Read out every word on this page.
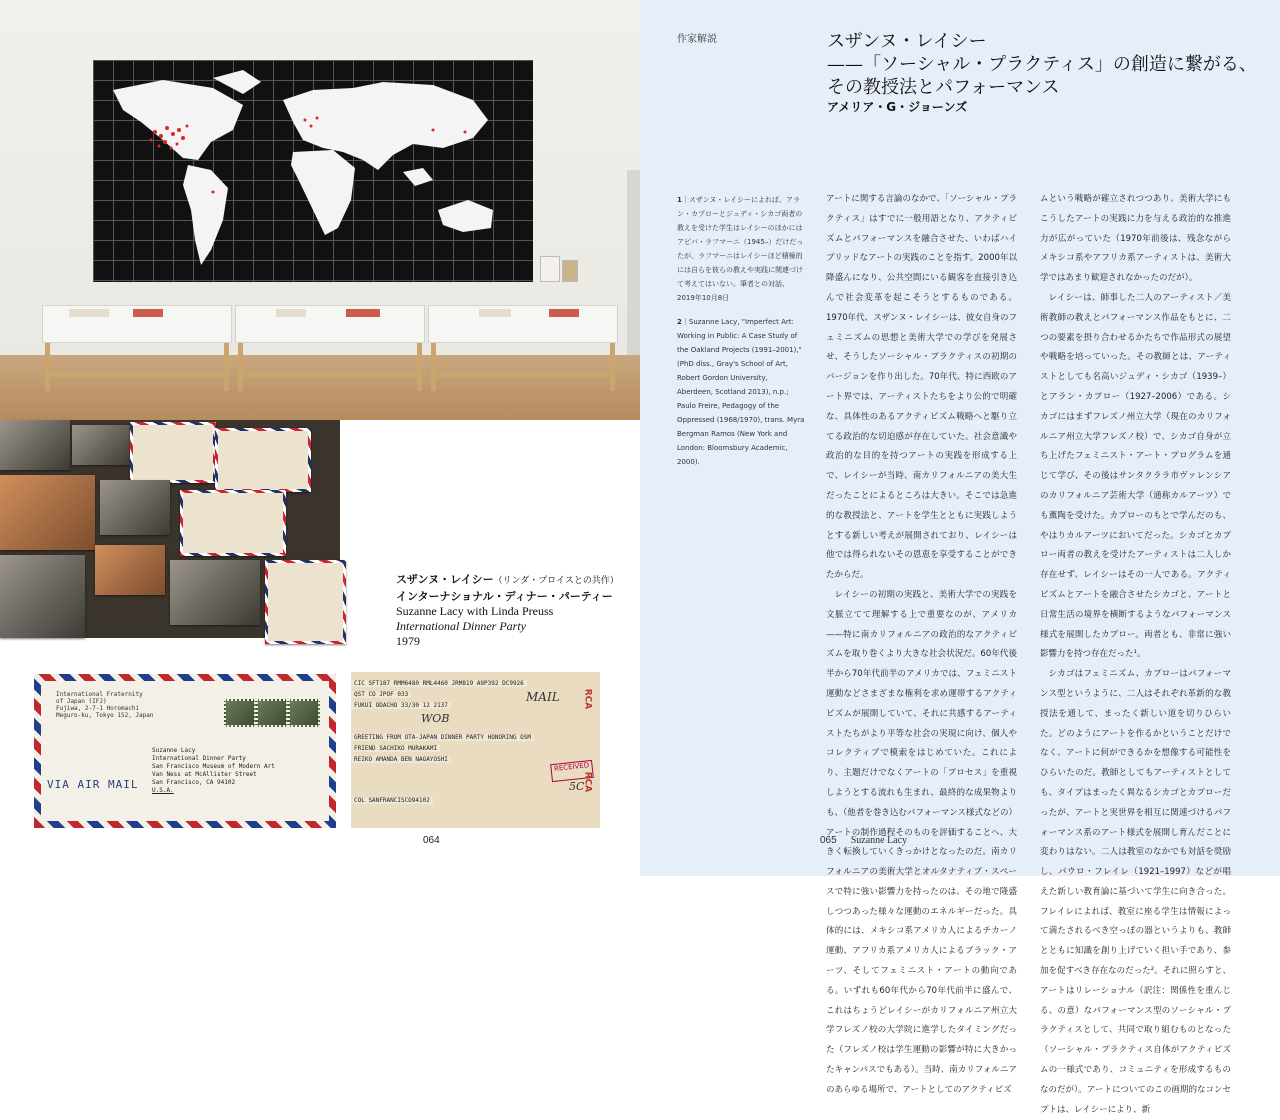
スザンヌ・レイシー（リンダ・プロイスとの共作）
インターナショナル・ディナー・パーティー
Suzanne Lacy with Linda Preuss
International Dinner Party
1979
International Fraternity
of Japan (IFJ)
Fujiwa, 2-7-1 Horomachi
Meguro-ku, Tokyo 152, Japan
Suzanne Lacy
International Dinner Party
San Francisco Museum of Modern Art
Van Ness at McAllister Street
San Francisco, CA 94102
U.S.A.
VIA AIR MAIL
CIC SFT187 RMM6480 RML4460 JRM819 A9P392 DC9926
QST CO JPOF 033
FUKUI ODACHO 33/30 12 2137
GREETING FROM OTA-JAPAN DINNER PARTY HONORING OSM
FRIEND SACHIKO MURAKAMI
REIKO AMANDA BEN NAGAYOSHI
COL SANFRANCISCO94102
MAIL
WOB
5C
RECEIVED
RCA
RCA
064
作家解説	スザンヌ・レイシー
——「ソーシャル・プラクティス」の創造に繋がる、
その教授法とパフォーマンス
アメリア・G・ジョーンズ
1｜スザンヌ・レイシーによれば、アラン・カプローとジュディ・シカゴ両者の教えを受けた学生はレイシーのほかにはアビバ・ラフマーニ（1945–）だけだったが、ラフマーニはレイシーほど積極的には自らを彼らの教えや実践に関連づけて考えてはいない。筆者との対話、2019年10月8日
2｜Suzanne Lacy, "Imperfect Art: Working in Public: A Case Study of the Oakland Projects (1991–2001)," (PhD diss., Gray's School of Art, Robert Gordon University, Aberdeen, Scotland 2013), n.p.; Paulo Freire, Pedagogy of the Oppressed (1968/1970), trans. Myra Bergman Ramos (New York and London: Bloomsbury Academic, 2000).

アートに関する言論のなかで、「ソーシャル・プラクティス」はすでに一般用語となり、アクティビズムとパフォーマンスを融合させた、いわばハイブリッドなアートの実践のことを指す。2000年以降盛んになり、公共空間にいる観客を直接引き込んで社会変革を起こそうとするものである。1970年代、スザンヌ・レイシーは、彼女自身のフェミニズムの思想と美術大学での学びを発展させ、そうしたソーシャル・プラクティスの初期のバージョンを作り出した。70年代、特に西欧のアート界では、アーティストたちをより公的で明確な、具体性のあるアクティビズム戦略へと駆り立てる政治的な切迫感が存在していた。社会意識や政治的な目的を持つアートの実践を形成する上で、レイシーが当時、南カリフォルニアの美大生だったことによるところは大きい。そこでは急進的な教授法と、アートを学生とともに実践しようとする新しい考えが展開されており、レイシーは他では得られないその恩恵を享受することができたからだ。

レイシーの初期の実践と、美術大学での実践を文脈立てて理解する上で重要なのが、アメリカ——特に南カリフォルニアの政治的なアクティビズムを取り巻くより大きな社会状況だ。60年代後半から70年代前半のアメリカでは、フェミニスト運動などさまざまな権利を求め運帯するアクティビズムが展開していて、それに共感するアーティストたちがより平等な社会の実現に向け、個人やコレクティブで模索をはじめていた。これにより、主題だけでなくアートの「プロセス」を重視しようとする流れも生まれ、最終的な成果物よりも、（他者を巻き込むパフォーマンス様式などの）アートの制作過程そのものを評価することへ、大きく転換していくきっかけとなったのだ。南カリフォルニアの美術大学とオルタナティブ・スペースで特に強い影響力を持ったのは、その地で隆盛しつつあった様々な運動のエネルギーだった。具体的には、メキシコ系アメリカ人によるチカーノ運動、アフリカ系アメリカ人によるブラック・アーツ、そしてフェミニスト・アートの動向である。いずれも60年代から70年代前半に盛んで、これはちょうどレイシーがカリフォルニア州立大学フレズノ校の大学院に進学したタイミングだった（フレズノ校は学生運動の影響が特に大きかったキャンパスでもある）。当時、南カリフォルニアのあらゆる場所で、アートとしてのアクティビズ

ムという戦略が確立されつつあり、美術大学にもこうしたアートの実践に力を与える政治的な推進力が広がっていた（1970年前後は、残念ながらメキシコ系やアフリカ系アーティストは、美術大学ではあまり歓迎されなかったのだが）。

レイシーは、師事した二人のアーティスト／美術教師の教えとパフォーマンス作品をもとに、二つの要素を摂り合わせるかたちで作品形式の展望や戦略を培っていった。その教師とは、アーティストとしても名高いジュディ・シカゴ（1939–）とアラン・カプロー（1927–2006）である。シカゴにはまずフレズノ州立大学（現在のカリフォルニア州立大学フレズノ校）で、シカゴ自身が立ち上げたフェミニスト・アート・プログラムを通じて学び、その後はサンタクララ市ヴァレンシアのカリフォルニア芸術大学（通称カルアーツ）でも薫陶を受けた。カプローのもとで学んだのも、やはりカルアーツにおいてだった。シカゴとカプロー両者の教えを受けたアーティストは二人しか存在せず、レイシーはその一人である。アクティビズムとアートを融合させたシカゴと、アートと日常生活の境界を横断するようなパフォーマンス様式を展開したカプロー。両者とも、非常に強い影響力を持つ存在だった¹。

シカゴはフェミニズム、カプローはパフォーマンス型というように、二人はそれぞれ革新的な教授法を通して、まったく新しい道を切りひらいた。どのようにアートを作るかということだけでなく、アートに何ができるかを想像する可能性をひらいたのだ。教師としてもアーティストとしても、タイプはまったく異なるシカゴとカプローだったが、アートと実世界を相互に関連づけるパフォーマンス系のアート様式を展開し育んだことに変わりはない。二人は教室のなかでも対話を奨励し、パウロ・フレイレ（1921–1997）などが唱えた新しい教育論に基づいて学生に向き合った。フレイレによれば、教室に座る学生は情報によって満たされるべき空っぽの器というよりも、教師とともに知識を創り上げていく担い手であり、参加を促すべき存在なのだった²。それに照らすと、アートはリレーショナル（訳注：関係性を重んじる、の意）なパフォーマンス型のソーシャル・プラクティスとして、共同で取り組むものとなった（ソーシャル・プラクティス自体がアクティビズムの一様式であり、コミュニティを形成するものなのだが）。アートについてのこの画期的なコンセプトは、レイシーにより、新

065 Suzanne Lacy
